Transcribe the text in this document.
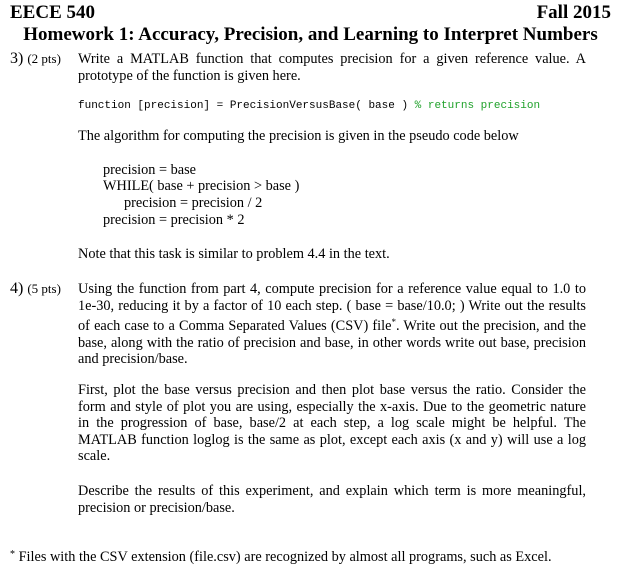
EECE 540	Fall 2015
Homework 1: Accuracy, Precision, and Learning to Interpret Numbers
3) (2 pts) Write a MATLAB function that computes precision for a given reference value. A prototype of the function is given here.
function [precision] = PrecisionVersusBase( base ) % returns precision
The algorithm for computing the precision is given in the pseudo code below
precision = base
WHILE( base + precision > base )
precision = precision / 2
precision = precision * 2
Note that this task is similar to problem 4.4 in the text.
4) (5 pts) Using the function from part 4, compute precision for a reference value equal to 1.0 to 1e-30, reducing it by a factor of 10 each step. ( base = base/10.0; ) Write out the results of each case to a Comma Separated Values (CSV) file*. Write out the precision, and the base, along with the ratio of precision and base, in other words write out base, precision and precision/base.
First, plot the base versus precision and then plot base versus the ratio. Consider the form and style of plot you are using, especially the x-axis. Due to the geometric nature in the progression of base, base/2 at each step, a log scale might be helpful. The MATLAB function loglog is the same as plot, except each axis (x and y) will use a log scale.
Describe the results of this experiment, and explain which term is more meaningful, precision or precision/base.
* Files with the CSV extension (file.csv) are recognized by almost all programs, such as Excel.
